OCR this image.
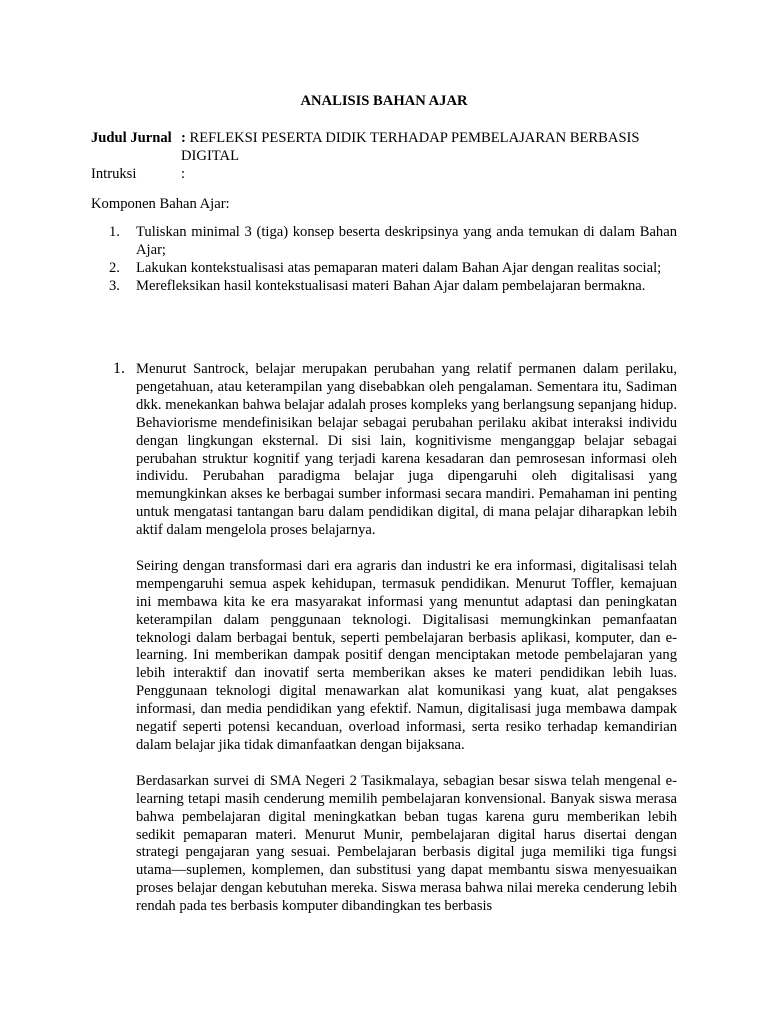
ANALISIS BAHAN AJAR
Judul Jurnal : REFLEKSI PESERTA DIDIK TERHADAP PEMBELAJARAN BERBASIS DIGITAL
Intruksi	:
Komponen Bahan Ajar:
1. Tuliskan minimal 3 (tiga) konsep beserta deskripsinya yang anda temukan di dalam Bahan Ajar;
2. Lakukan kontekstualisasi atas pemaparan materi dalam Bahan Ajar dengan realitas social;
3. Merefleksikan hasil kontekstualisasi materi Bahan Ajar dalam pembelajaran bermakna.
1. Menurut Santrock, belajar merupakan perubahan yang relatif permanen dalam perilaku, pengetahuan, atau keterampilan yang disebabkan oleh pengalaman. Sementara itu, Sadiman dkk. menekankan bahwa belajar adalah proses kompleks yang berlangsung sepanjang hidup. Behaviorisme mendefinisikan belajar sebagai perubahan perilaku akibat interaksi individu dengan lingkungan eksternal. Di sisi lain, kognitivisme menganggap belajar sebagai perubahan struktur kognitif yang terjadi karena kesadaran dan pemrosesan informasi oleh individu. Perubahan paradigma belajar juga dipengaruhi oleh digitalisasi yang memungkinkan akses ke berbagai sumber informasi secara mandiri. Pemahaman ini penting untuk mengatasi tantangan baru dalam pendidikan digital, di mana pelajar diharapkan lebih aktif dalam mengelola proses belajarnya.

Seiring dengan transformasi dari era agraris dan industri ke era informasi, digitalisasi telah mempengaruhi semua aspek kehidupan, termasuk pendidikan. Menurut Toffler, kemajuan ini membawa kita ke era masyarakat informasi yang menuntut adaptasi dan peningkatan keterampilan dalam penggunaan teknologi. Digitalisasi memungkinkan pemanfaatan teknologi dalam berbagai bentuk, seperti pembelajaran berbasis aplikasi, komputer, dan e-learning. Ini memberikan dampak positif dengan menciptakan metode pembelajaran yang lebih interaktif dan inovatif serta memberikan akses ke materi pendidikan lebih luas. Penggunaan teknologi digital menawarkan alat komunikasi yang kuat, alat pengakses informasi, dan media pendidikan yang efektif. Namun, digitalisasi juga membawa dampak negatif seperti potensi kecanduan, overload informasi, serta resiko terhadap kemandirian dalam belajar jika tidak dimanfaatkan dengan bijaksana.

Berdasarkan survei di SMA Negeri 2 Tasikmalaya, sebagian besar siswa telah mengenal e-learning tetapi masih cenderung memilih pembelajaran konvensional. Banyak siswa merasa bahwa pembelajaran digital meningkatkan beban tugas karena guru memberikan lebih sedikit pemaparan materi. Menurut Munir, pembelajaran digital harus disertai dengan strategi pengajaran yang sesuai. Pembelajaran berbasis digital juga memiliki tiga fungsi utama—suplemen, komplemen, dan substitusi yang dapat membantu siswa menyesuaikan proses belajar dengan kebutuhan mereka. Siswa merasa bahwa nilai mereka cenderung lebih rendah pada tes berbasis komputer dibandingkan tes berbasis
